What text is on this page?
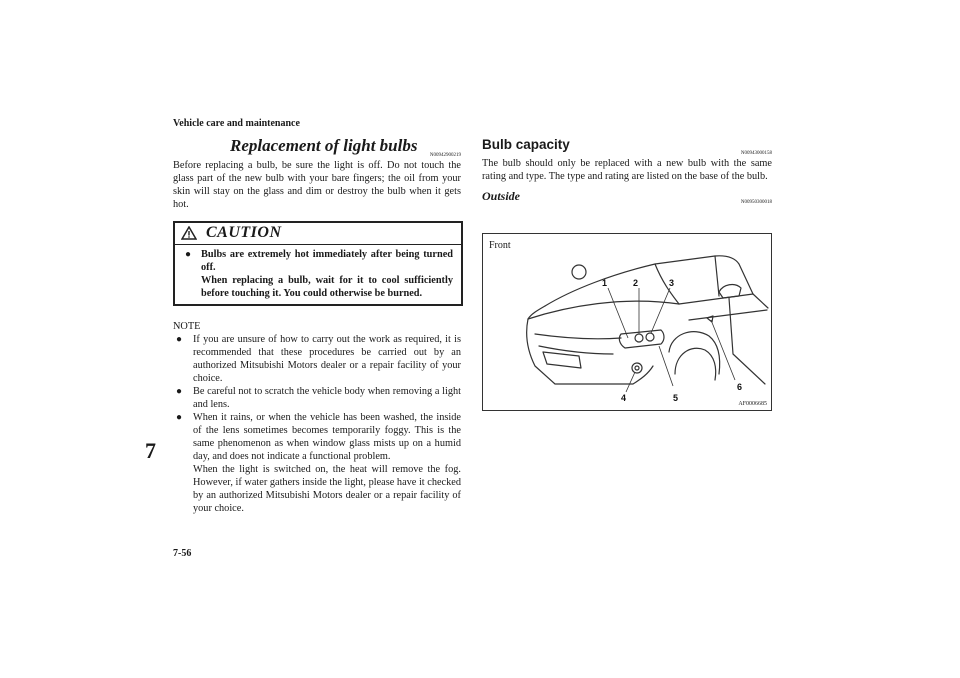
Vehicle care and maintenance
7
7-56
Replacement of light bulbs
N00942900219
Before replacing a bulb, be sure the light is off. Do not touch the glass part of the new bulb with your bare fingers; the oil from your skin will stay on the glass and dim or destroy the bulb when it gets hot.
CAUTION
● Bulbs are extremely hot immediately after being turned off.
When replacing a bulb, wait for it to cool sufficiently before touching it. You could otherwise be burned.
NOTE
●	If you are unsure of how to carry out the work as required, it is recommended that these procedures be carried out by an authorized Mitsubishi Motors dealer or a repair facility of your choice.
●	Be careful not to scratch the vehicle body when removing a light and lens.
●	When it rains, or when the vehicle has been washed, the inside of the lens sometimes becomes temporarily foggy. This is the same phenomenon as when window glass mists up on a humid day, and does not indicate a functional problem.
When the light is switched on, the heat will remove the fog. However, if water gathers inside the light, please have it checked by an authorized Mitsubishi Motors dealer or a repair facility of your choice.
Bulb capacity
N00943000158
The bulb should only be replaced with a new bulb with the same rating and type. The type and rating are listed on the base of the bulb.
Outside	N00950300018
1	2	3
4	5
6
Front
AF0006685
